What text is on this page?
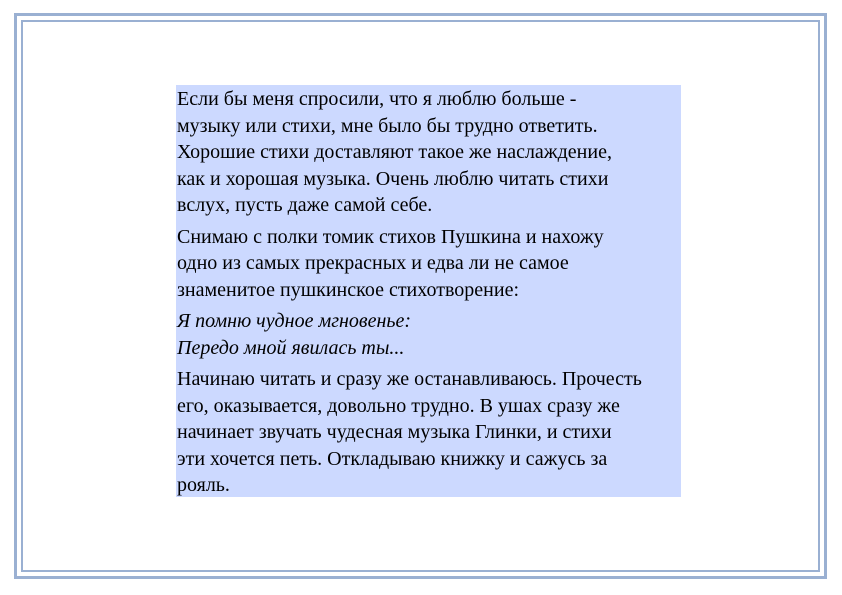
Если бы меня спросили, что я люблю больше -
музыку или стихи, мне было бы трудно ответить.
Хорошие стихи доставляют такое же наслаждение,
как и хорошая музыка. Очень люблю читать стихи
вслух, пусть даже самой себе.

Снимаю с полки томик стихов Пушкина и нахожу
одно из самых прекрасных и едва ли не самое
знаменитое пушкинское стихотворение:

Я помню чудное мгновенье:
Передо мной явилась ты...

Начинаю читать и сразу же останавливаюсь. Прочесть
его, оказывается, довольно трудно. В ушах сразу же
начинает звучать чудесная музыка Глинки, и стихи
эти хочется петь. Откладываю книжку и сажусь за
рояль.
